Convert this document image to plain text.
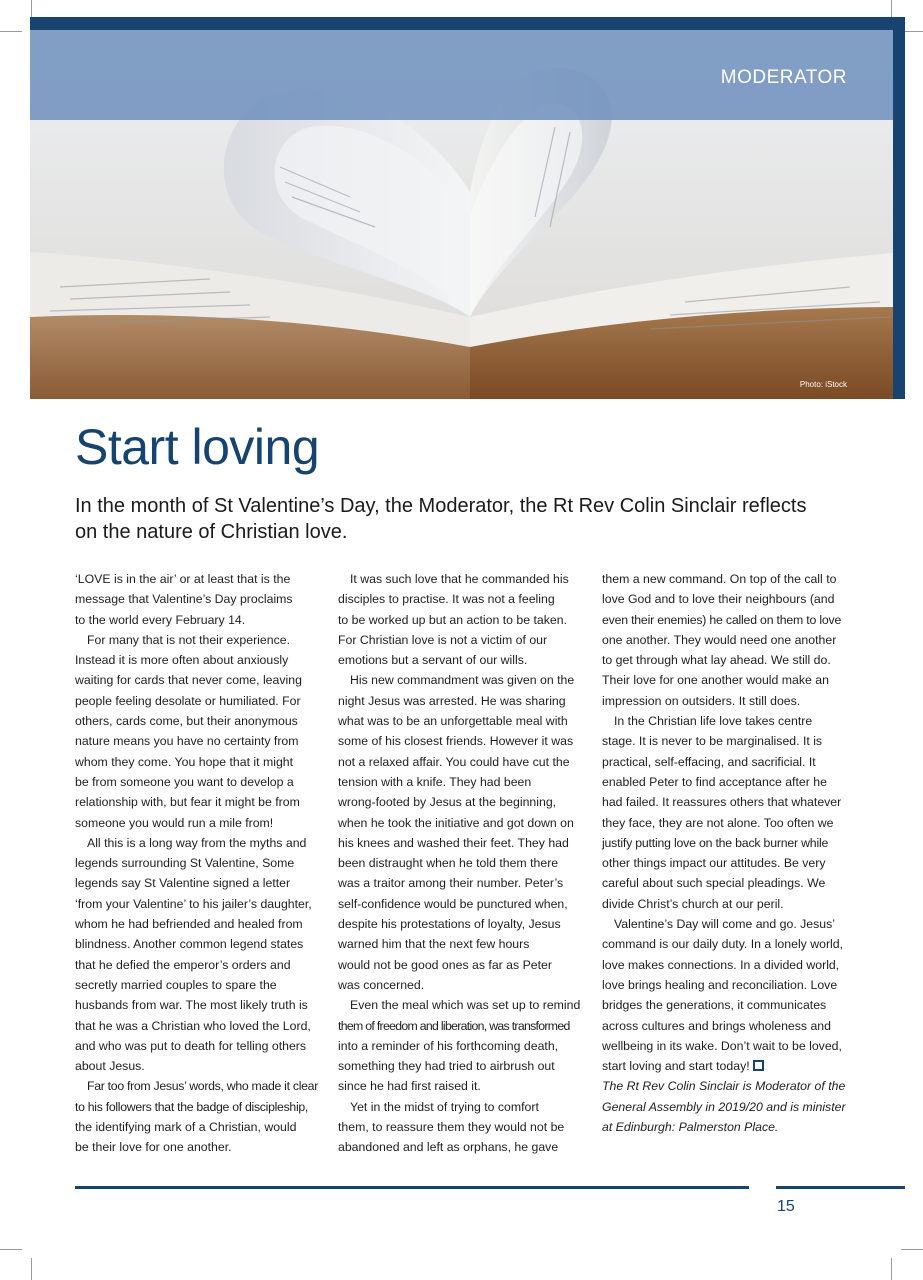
MODERATOR
Photo: iStock
Start loving

In the month of St Valentine’s Day, the Moderator, the Rt Rev Colin Sinclair reflects
on the nature of Christian love.

‘LOVE is in the air’ or at least that is the
message that Valentine’s Day proclaims
to the world every February 14.

For many that is not their experience.
Instead it is more often about anxiously
waiting for cards that never come, leaving
people feeling desolate or humiliated. For
others, cards come, but their anonymous
nature means you have no certainty from
whom they come. You hope that it might
be from someone you want to develop a
relationship with, but fear it might be from
someone you would run a mile from!

All this is a long way from the myths and
legends surrounding St Valentine, Some
legends say St Valentine signed a letter
‘from your Valentine’ to his jailer’s daughter,
whom he had befriended and healed from
blindness. Another common legend states
that he defied the emperor’s orders and
secretly married couples to spare the
husbands from war. The most likely truth is
that he was a Christian who loved the Lord,
and who was put to death for telling others
about Jesus.

Far too from Jesus’ words, who made it clear
to his followers that the badge of discipleship,
the identifying mark of a Christian, would
be their love for one another.

It was such love that he commanded his
disciples to practise. It was not a feeling
to be worked up but an action to be taken.
For Christian love is not a victim of our
emotions but a servant of our wills.

His new commandment was given on the
night Jesus was arrested. He was sharing
what was to be an unforgettable meal with
some of his closest friends. However it was
not a relaxed affair. You could have cut the
tension with a knife. They had been
wrong-footed by Jesus at the beginning,
when he took the initiative and got down on
his knees and washed their feet. They had
been distraught when he told them there
was a traitor among their number. Peter’s
self-confidence would be punctured when,
despite his protestations of loyalty, Jesus
warned him that the next few hours
would not be good ones as far as Peter
was concerned.

Even the meal which was set up to remind
them of freedom and liberation, was transformed
into a reminder of his forthcoming death,
something they had tried to airbrush out
since he had first raised it.

Yet in the midst of trying to comfort
them, to reassure them they would not be
abandoned and left as orphans, he gave

them a new command. On top of the call to
love God and to love their neighbours (and
even their enemies) he called on them to love
one another. They would need one another
to get through what lay ahead. We still do.
Their love for one another would make an
impression on outsiders. It still does.

In the Christian life love takes centre
stage. It is never to be marginalised. It is
practical, self-effacing, and sacrificial. It
enabled Peter to find acceptance after he
had failed. It reassures others that whatever
they face, they are not alone. Too often we
justify putting love on the back burner while
other things impact our attitudes. Be very
careful about such special pleadings. We
divide Christ’s church at our peril.

Valentine’s Day will come and go. Jesus’
command is our daily duty. In a lonely world,
love makes connections. In a divided world,
love brings healing and reconciliation. Love
bridges the generations, it communicates
across cultures and brings wholeness and
wellbeing in its wake. Don’t wait to be loved,
start loving and start today!

The Rt Rev Colin Sinclair is Moderator of the
General Assembly in 2019/20 and is minister
at Edinburgh: Palmerston Place.

15
